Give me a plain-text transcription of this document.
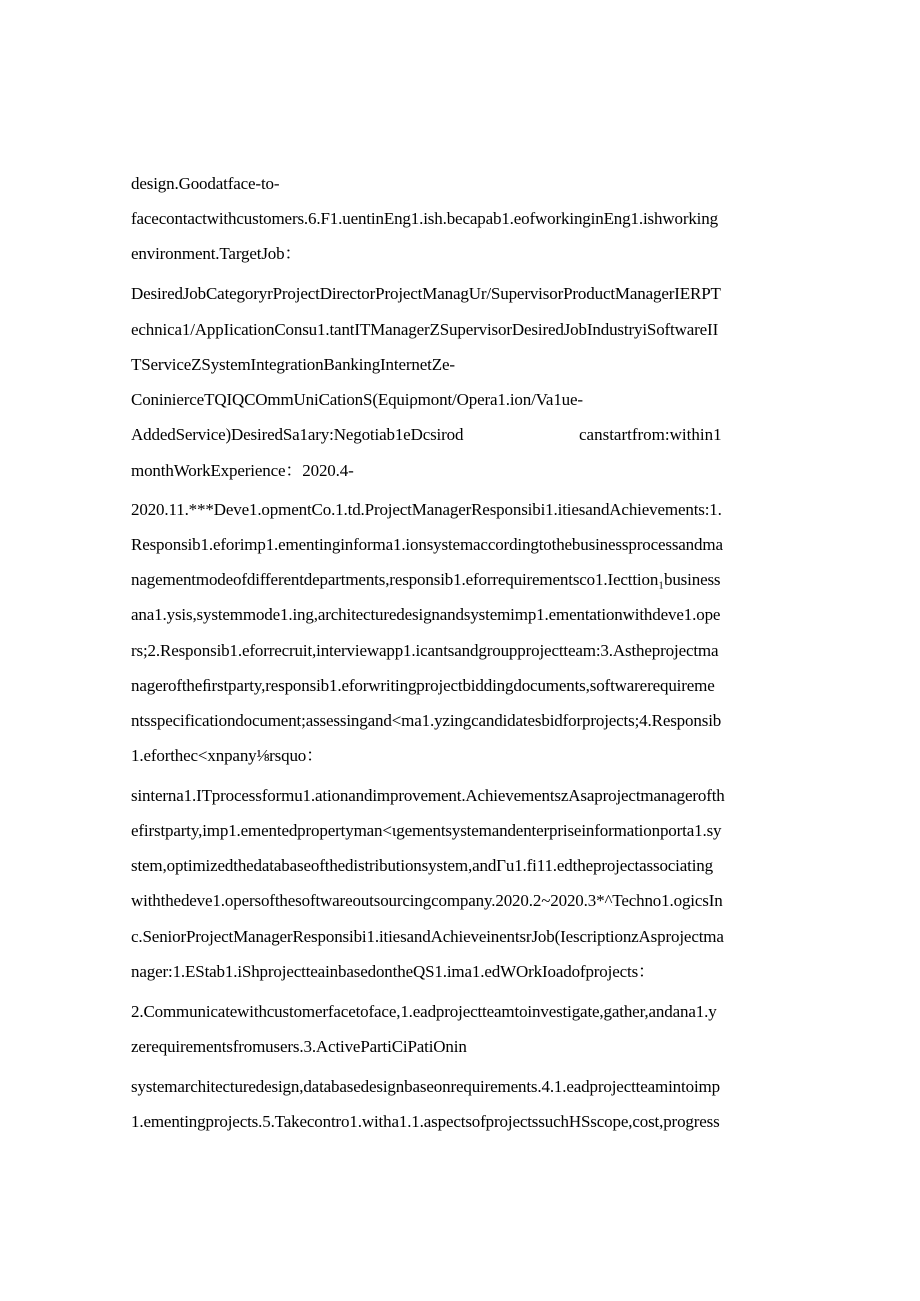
design.Goodatface-to-

facecontactwithcustomers.6.F1.uentinEng1.ish.becapab1.eofworkinginEng1.ishworking

environment.TargetJob：

DesiredJobCategoryrProjectDirectorProjectManagUr/SupervisorProductManagerIERPT

echnica1/AppIicationConsu1.tantITManagerZSupervisorDesiredJobIndustryiSoftwareII

TServiceZSystemIntegrationBankingInternetZe-

ConinierceTQIQCOmmUniCationS(Equiρmont/Opera1.ion/Va1ue-

AddedService)DesiredSa1ary:Negotiab1eDcsirod	canstartfrom:within1

monthWorkExperience：2020.4-

2020.11.***Deve1.opmentCo.1.td.ProjectManagerResponsibi1.itiesandAchievements:1.

Responsib1.eforimp1.ementinginforma1.ionsystemaccordingtothebusinessprocessandma

nagementmodeofdifferentdepartments,responsib1.eforrequirementsco1.Iecttion₁business

ana1.ysis,systemmode1.ing,architecturedesignandsystemimp1.ementationwithdeve1.ope

rs;2.Responsib1.eforrecruit,interviewapp1.icantsandgroupprojectteam:3.Astheprojectma

nageroftheﬁrstparty,responsib1.eforwritingprojectbiddingdocuments,softwarerequireme

ntsspecificationdocument;assessingand<ma1.yzingcandidatesbidforprojects;4.Responsib

1.eforthec<xnpany⅛rsquo：

sinterna1.ITprocessformu1.ationandimprovement.AchievementszAsaprojectmanagerofth

efirstparty,imp1.ementedpropertyman<ιgementsystemandenterpriseinformationporta1.sy

stem,optimizedthedatabaseofthedistributionsystem,andΓu1.fi11.edtheprojectassociating

withthedeve1.opersofthesoftwareoutsourcingcompany.2020.2~2020.3*^Techno1.ogicsIn

c.SeniorProjectManagerResponsibi1.itiesandAchieveinentsrJob(IescriptionzAsprojectma

nager:1.EStab1.iShprojectteainbasedontheQS1.ima1.edWOrkIoadofprojects：

2.Communicatewithcustomerfacetoface,1.eadprojectteamtoinvestigate,gather,andana1.y

zerequirementsfromusers.3.ActivePartiCiPatiOnin

systemarchitecturedesign,databasedesignbaseonrequirements.4.1.eadprojectteamintoimp

1.ementingprojects.5.Takecontro1.witha1.1.aspectsofprojectssuchHSscope,cost,progress
